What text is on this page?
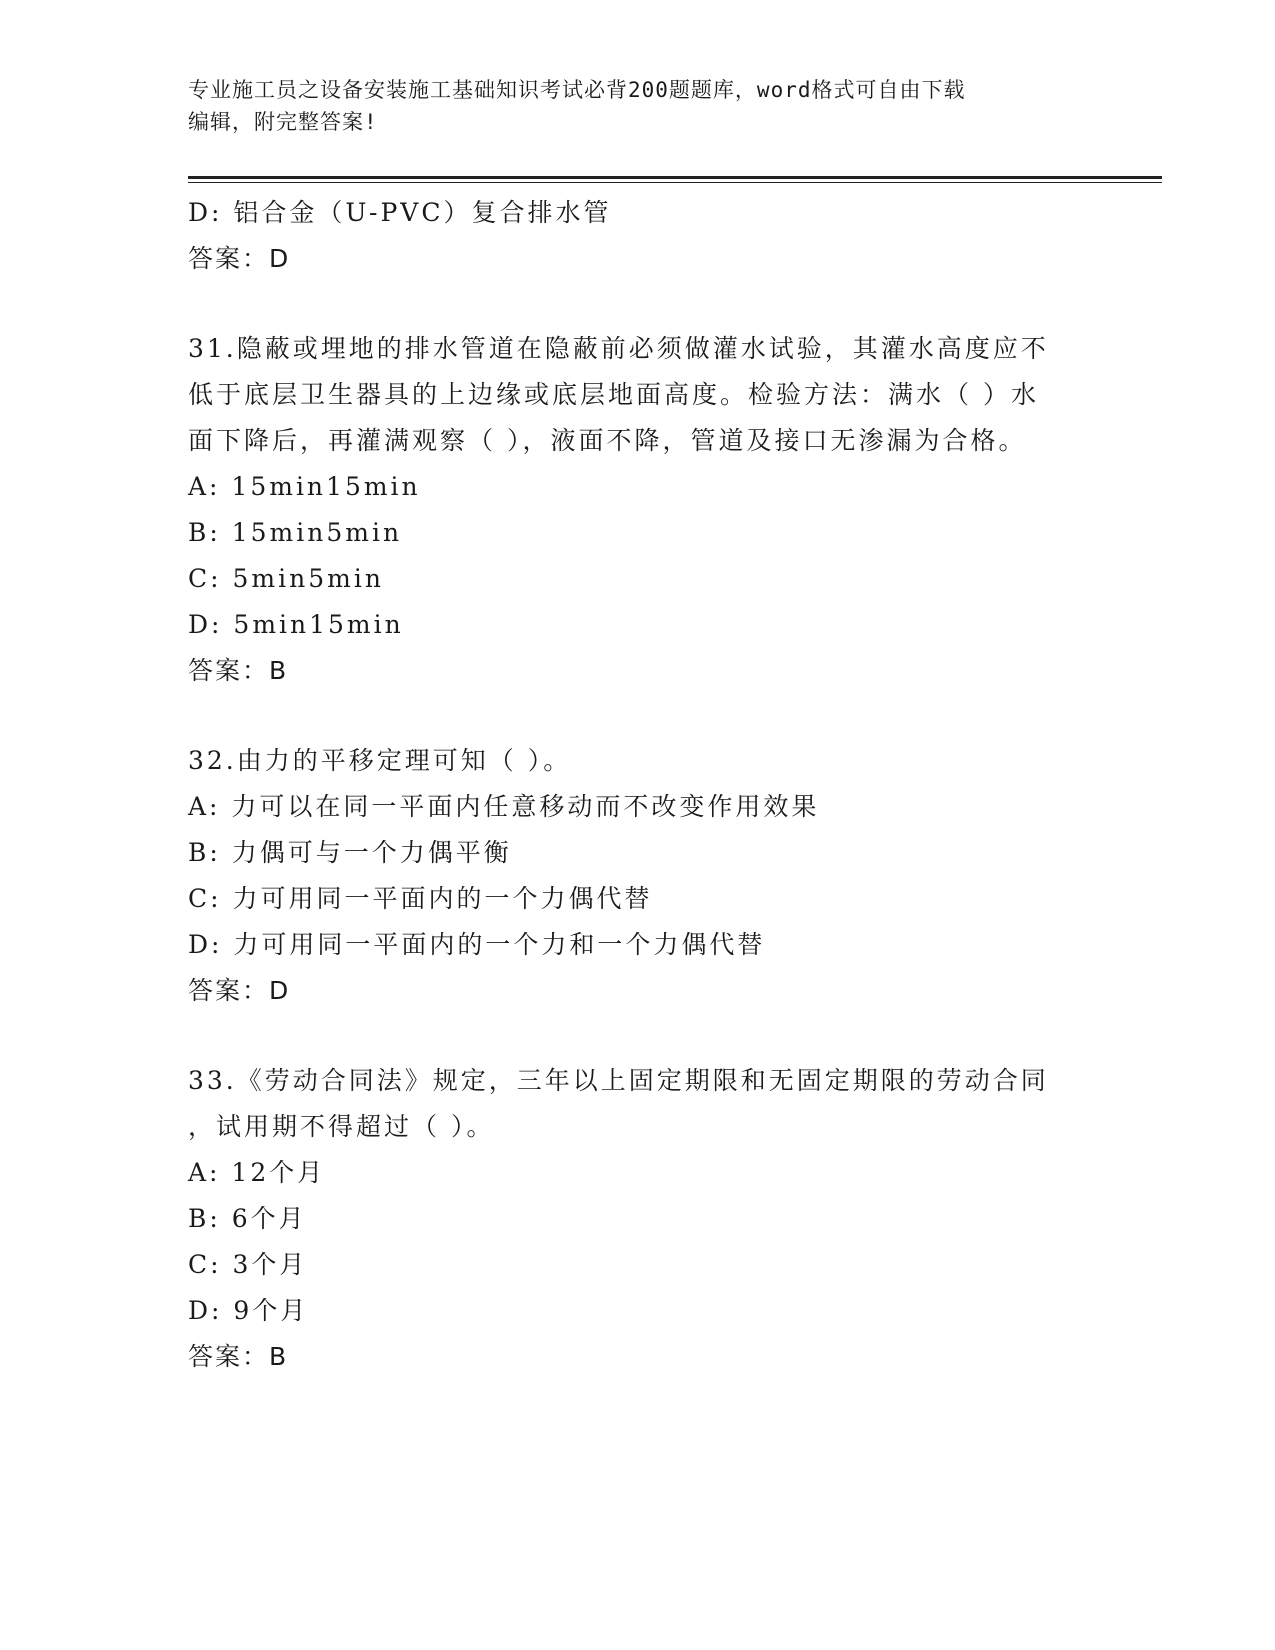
专业施工员之设备安装施工基础知识考试必背200题题库，word格式可自由下载
编辑，附完整答案!
D: 铝合金（U-PVC）复合排水管
答案：D
31.隐蔽或埋地的排水管道在隐蔽前必须做灌水试验，其灌水高度应不
低于底层卫生器具的上边缘或底层地面高度。检验方法：满水（ ）水
面下降后，再灌满观察（ ），液面不降，管道及接口无渗漏为合格。
A: 15min15min
B: 15min5min
C: 5min5min
D: 5min15min
答案：B
32.由力的平移定理可知（ ）。
A: 力可以在同一平面内任意移动而不改变作用效果
B: 力偶可与一个力偶平衡
C: 力可用同一平面内的一个力偶代替
D: 力可用同一平面内的一个力和一个力偶代替
答案：D
33.《劳动合同法》规定，三年以上固定期限和无固定期限的劳动合同
，试用期不得超过（ ）。
A: 12个月
B: 6个月
C: 3个月
D: 9个月
答案：B
